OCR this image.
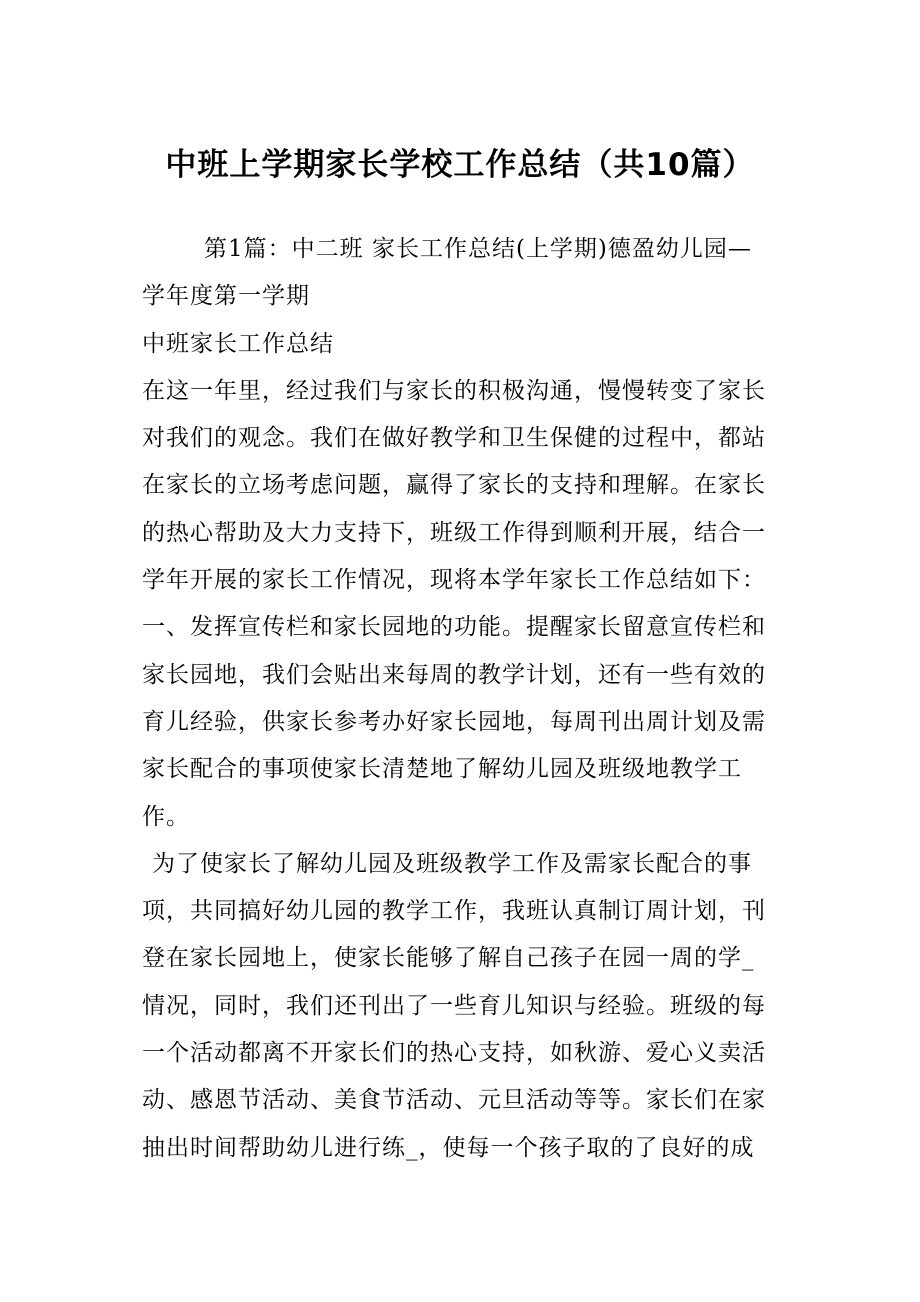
中班上学期家长学校工作总结（共10篇）
第1篇：中二班 家长工作总结(上学期)德盈幼儿园—
学年度第一学期
中班家长工作总结
在这一年里，经过我们与家长的积极沟通，慢慢转变了家长
对我们的观念。我们在做好教学和卫生保健的过程中，都站
在家长的立场考虑问题，赢得了家长的支持和理解。在家长
的热心帮助及大力支持下，班级工作得到顺利开展，结合一
学年开展的家长工作情况，现将本学年家长工作总结如下：
一、发挥宣传栏和家长园地的功能。提醒家长留意宣传栏和
家长园地，我们会贴出来每周的教学计划，还有一些有效的
育儿经验，供家长参考办好家长园地，每周刊出周计划及需
家长配合的事项使家长清楚地了解幼儿园及班级地教学工
作。
为了使家长了解幼儿园及班级教学工作及需家长配合的事
项，共同搞好幼儿园的教学工作，我班认真制订周计划，刊
登在家长园地上，使家长能够了解自己孩子在园一周的学_
情况，同时，我们还刊出了一些育儿知识与经验。班级的每
一个活动都离不开家长们的热心支持，如秋游、爱心义卖活
动、感恩节活动、美食节活动、元旦活动等等。家长们在家
抽出时间帮助幼儿进行练_，使每一个孩子取的了良好的成
